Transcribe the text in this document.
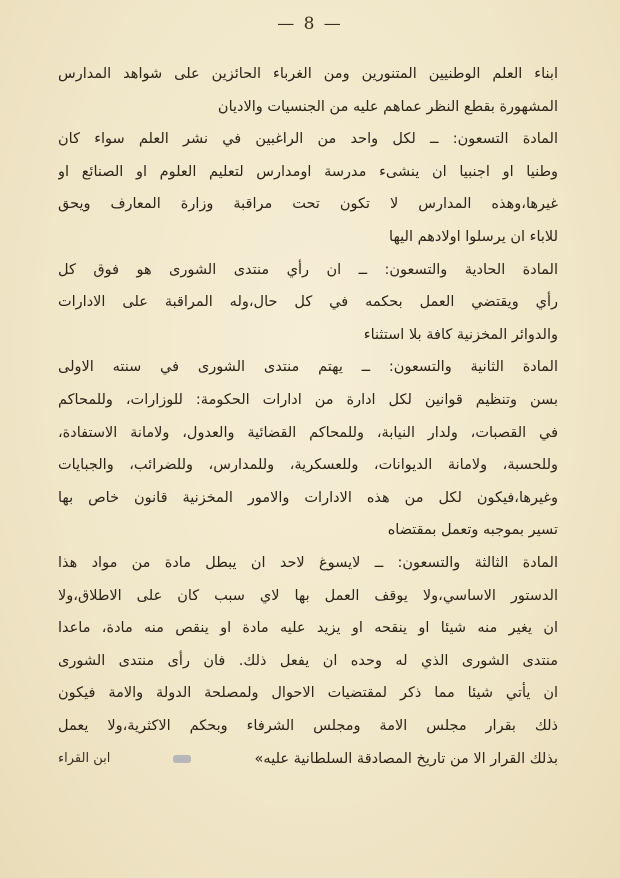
— 8 —
ابناء العلم الوطنيين المتنورين ومن الغرباء الحائزين على شواهد المدارس
المشهورة بقطع النظر عماهم عليه من الجنسيات والاديان
المادة التسعون: ــ لكل واحد من الراغبين في نشر العلم سواء كان
وطنيا او اجنبيا ان ينشىء مدرسة اومدارس لتعليم العلوم او الصنائع او
غيرها،وهذه المدارس لا تكون تحت مراقبة وزارة المعارف ويحق
للاباء ان يرسلوا اولادهم اليها
المادة الحادية والتسعون: ــ ان رأي منتدى الشورى هو فوق كل
رأي ويقتضي العمل بحكمه في كل حال،وله المراقبة على الادارات
والدوائر المخزنية كافة بلا استثناء
المادة الثانية والتسعون: ــ يهتم منتدى الشورى في سنته الاولى
بسن وتنظيم قوانين لكل ادارة من ادارات الحكومة: للوزارات، وللمحاكم
في القصبات، ولدار النيابة، وللمحاكم القضائية والعدول، ولامانة الاستفادة،
وللحسبة، ولامانة الديوانات، وللعسكرية، وللمدارس، وللضرائب، والجبايات
وغيرها،فيكون لكل من هذه الادارات والامور المخزنية قانون خاص بها
تسير بموجبه وتعمل بمقتضاه
المادة الثالثة والتسعون: ــ لايسوغ لاحد ان يبطل مادة من مواد هذا
الدستور الاساسي،ولا يوقف العمل بها لاي سبب كان على الاطلاق،ولا
ان يغير منه شيئا او ينقحه او يزيد عليه مادة او ينقص منه مادة، ماعدا
منتدى الشورى الذي له وحده ان يفعل ذلك. فان رأى منتدى الشورى
ان يأتي شيئا مما ذكر لمقتضيات الاحوال ولمصلحة الدولة والامة فيكون
ذلك بقرار مجلس الامة ومجلس الشرفاء وبحكم الاكثرية،ولا يعمل
بذلك القرار الا من تاريخ المصادقة السلطانية عليه»
ابن القراء
